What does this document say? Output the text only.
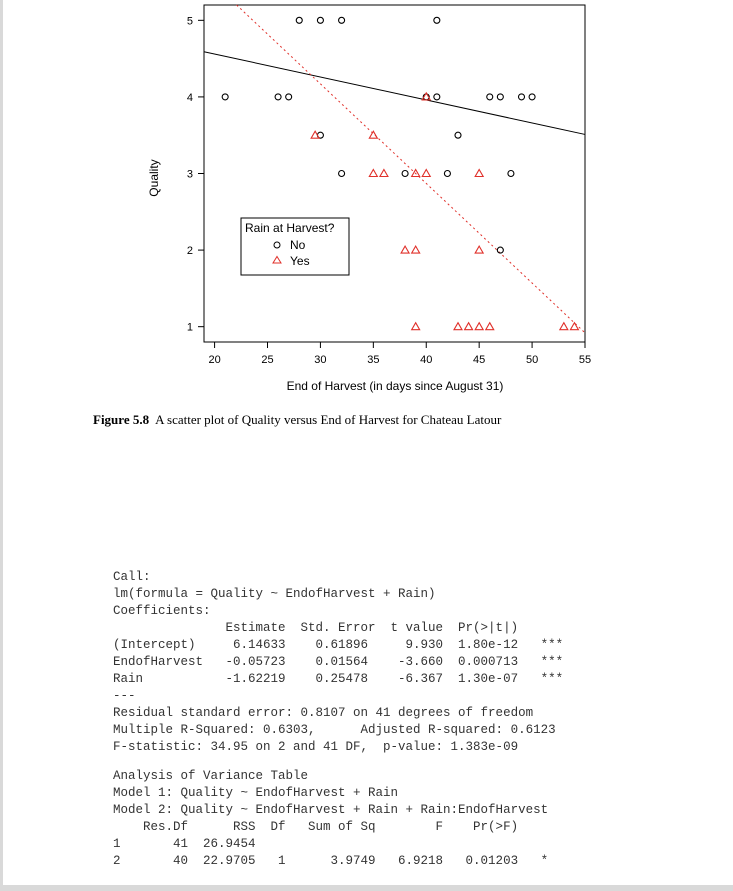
20	25	30	35	40	45	50	55
1
2
3
4
5
End of Harvest (in days since August 31)
Quality
Rain at Harvest?
No
Yes
Figure 5.8 A scatter plot of Quality versus End of Harvest for Chateau Latour
Call:
lm(formula = Quality ~ EndofHarvest + Rain)
Coefficients:
Estimate  Std. Error  t value  Pr(>|t|)
(Intercept)     6.14633    0.61896     9.930  1.80e-12   ***
EndofHarvest   -0.05723    0.01564    -3.660  0.000713   ***
Rain           -1.62219    0.25478    -6.367  1.30e-07   ***
---
Residual standard error: 0.8107 on 41 degrees of freedom
Multiple R-Squared: 0.6303,      Adjusted R-squared: 0.6123
F-statistic: 34.95 on 2 and 41 DF,  p-value: 1.383e-09
Analysis of Variance Table
Model 1: Quality ~ EndofHarvest + Rain
Model 2: Quality ~ EndofHarvest + Rain + Rain:EndofHarvest
Res.Df      RSS  Df   Sum of Sq        F    Pr(>F)
1       41  26.9454
2       40  22.9705   1      3.9749   6.9218   0.01203   *
